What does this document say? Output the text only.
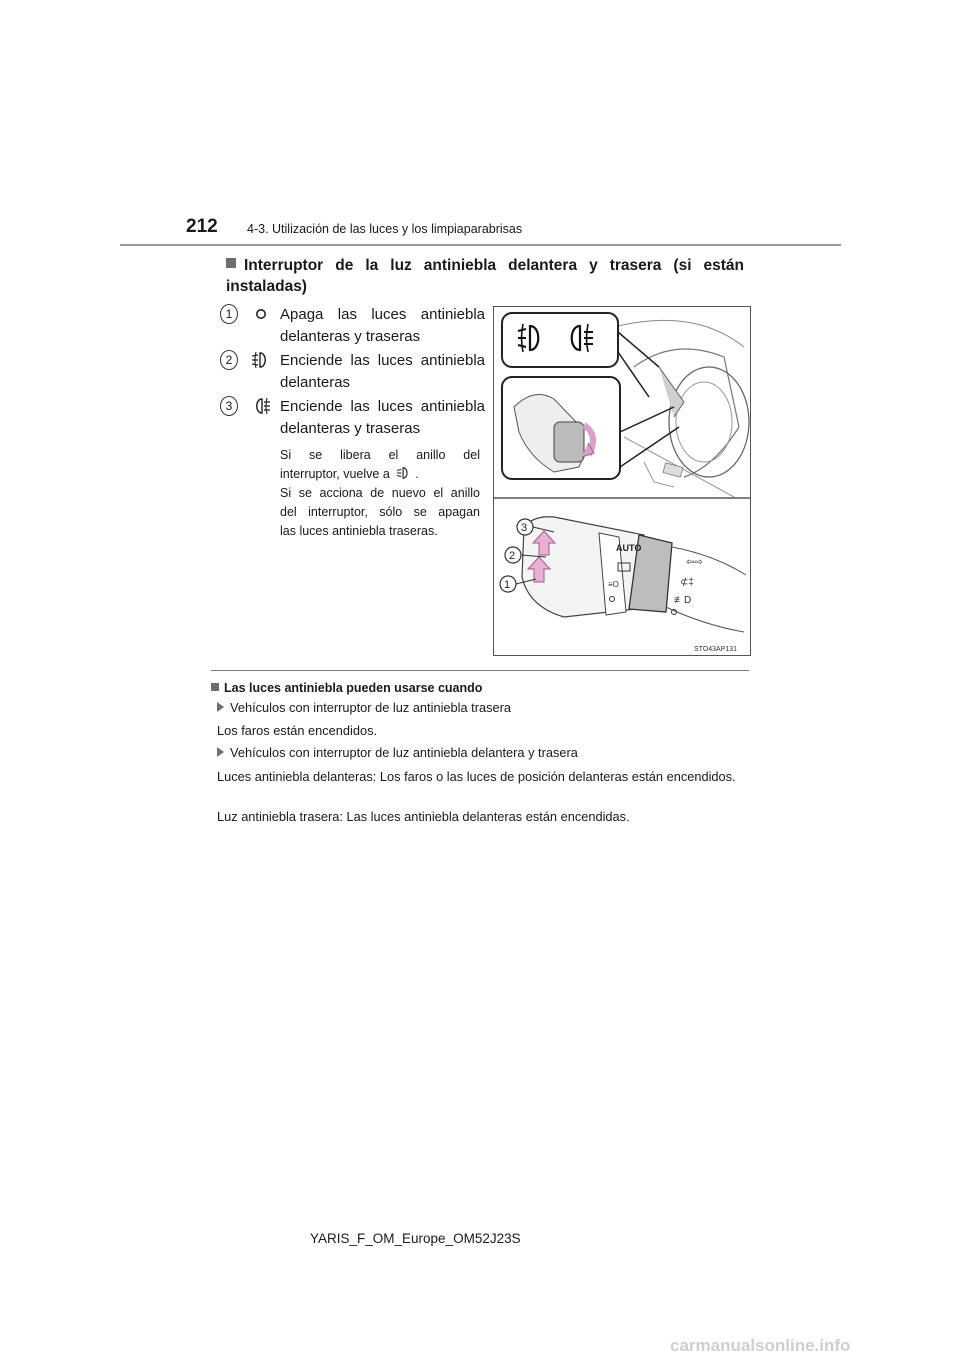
212 4-3. Utilización de las luces y los limpiaparabrisas
Interruptor de la luz antiniebla delantera y trasera (si están
instaladas)
1	Apaga las luces antiniebla
delanteras y traseras
2	Enciende las luces antiniebla
delanteras
3	Enciende las luces antiniebla
delanteras y traseras
Si se libera el anillo del
interruptor, vuelve a .
Si se acciona de nuevo el anillo
del interruptor, sólo se apagan
las luces antiniebla traseras.
AUTO
≡O	⊄‡
≢D
⇦⇨
3
2
1
STO43AP131
Las luces antiniebla pueden usarse cuando
Vehículos con interruptor de luz antiniebla trasera
Los faros están encendidos.
Vehículos con interruptor de luz antiniebla delantera y trasera
Luces antiniebla delanteras: Los faros o las luces de posición delanteras están encendidos.
Luz antiniebla trasera: Las luces antiniebla delanteras están encendidas.
YARIS_F_OM_Europe_OM52J23S
carmanualsonline.info
